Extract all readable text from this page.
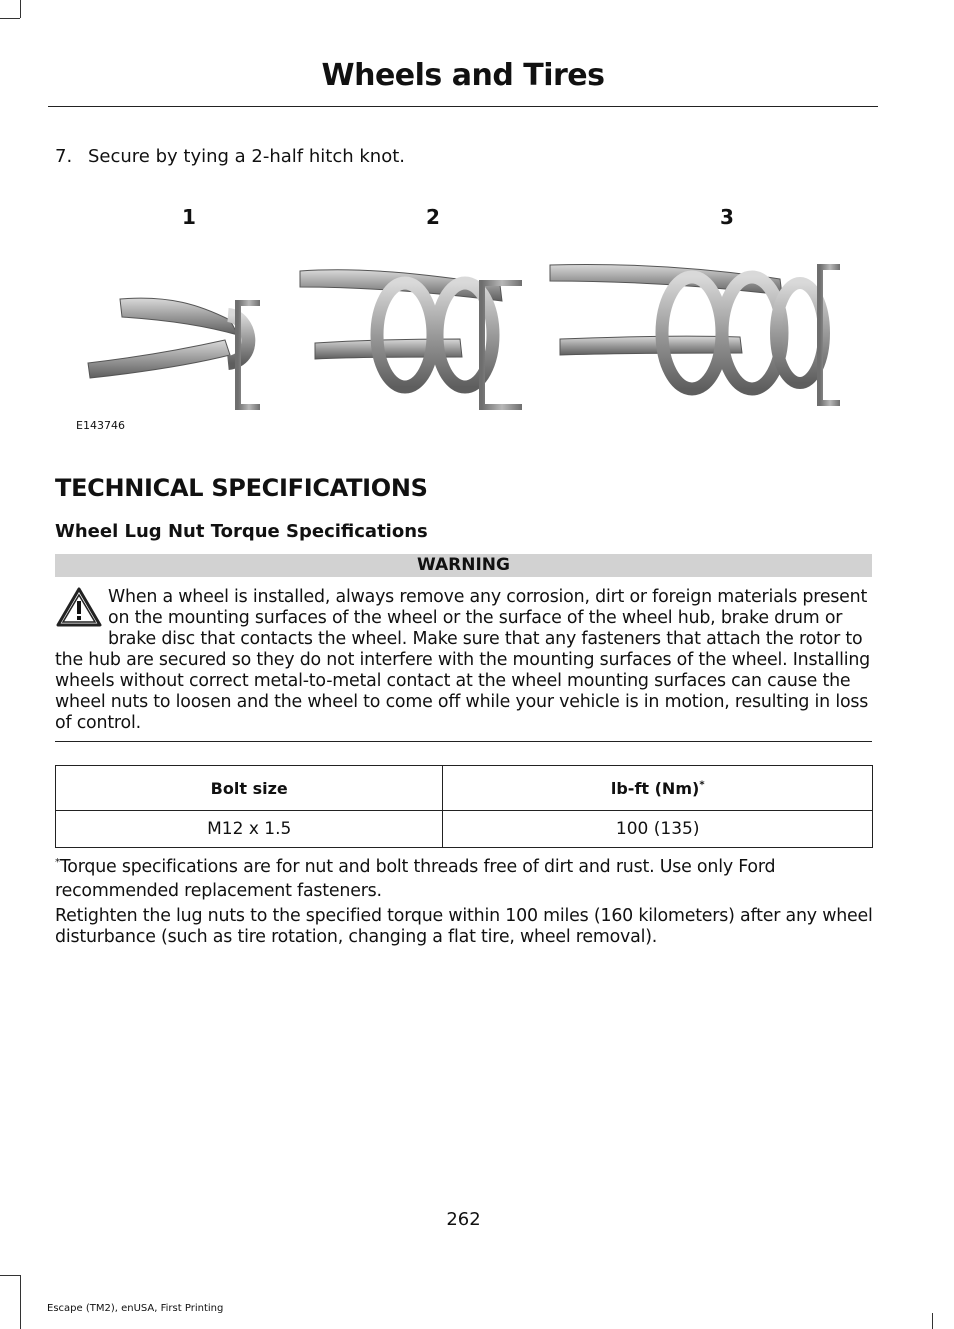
Wheels and Tires
7. Secure by tying a 2-half hitch knot.
1	2	3
E143746
TECHNICAL SPECIFICATIONS
Wheel Lug Nut Torque Specifications
WARNING
When a wheel is installed, always remove any corrosion, dirt or foreign materials present on the mounting surfaces of the wheel or the surface of the wheel hub, brake drum or brake disc that contacts the wheel. Make sure that any fasteners that attach the rotor to the hub are secured so they do not interfere with the mounting surfaces of the wheel. Installing wheels without correct metal-to-metal contact at the wheel mounting surfaces can cause the wheel nuts to loosen and the wheel to come off while your vehicle is in motion, resulting in loss of control.
Bolt size	lb-ft (Nm)*
M12 x 1.5	100 (135)
*Torque specifications are for nut and bolt threads free of dirt and rust. Use only Ford recommended replacement fasteners.
Retighten the lug nuts to the specified torque within 100 miles (160 kilometers) after any wheel disturbance (such as tire rotation, changing a flat tire, wheel removal).
262
Escape (TM2), enUSA, First Printing
